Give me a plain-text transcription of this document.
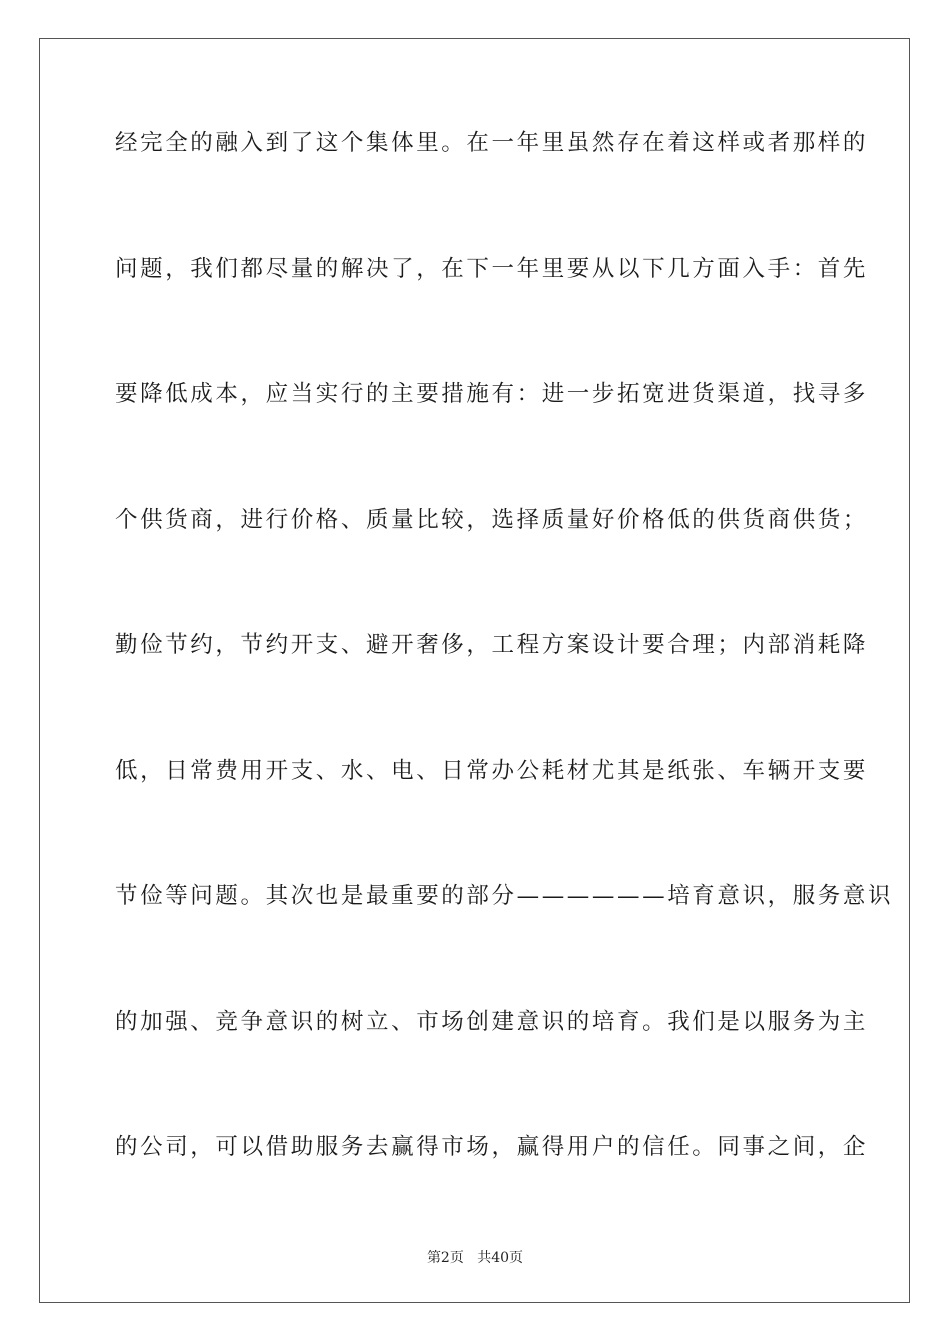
经完全的融入到了这个集体里。在一年里虽然存在着这样或者那样的

问题，我们都尽量的解决了，在下一年里要从以下几方面入手：首先

要降低成本，应当实行的主要措施有：进一步拓宽进货渠道，找寻多

个供货商，进行价格、质量比较，选择质量好价格低的供货商供货；

勤俭节约，节约开支、避开奢侈，工程方案设计要合理；内部消耗降

低，日常费用开支、水、电、日常办公耗材尤其是纸张、车辆开支要

节俭等问题。其次也是最重要的部分——————培育意识，服务意识

的加强、竞争意识的树立、市场创建意识的培育。我们是以服务为主

的公司，可以借助服务去赢得市场，赢得用户的信任。同事之间，企

第2页 共40页
